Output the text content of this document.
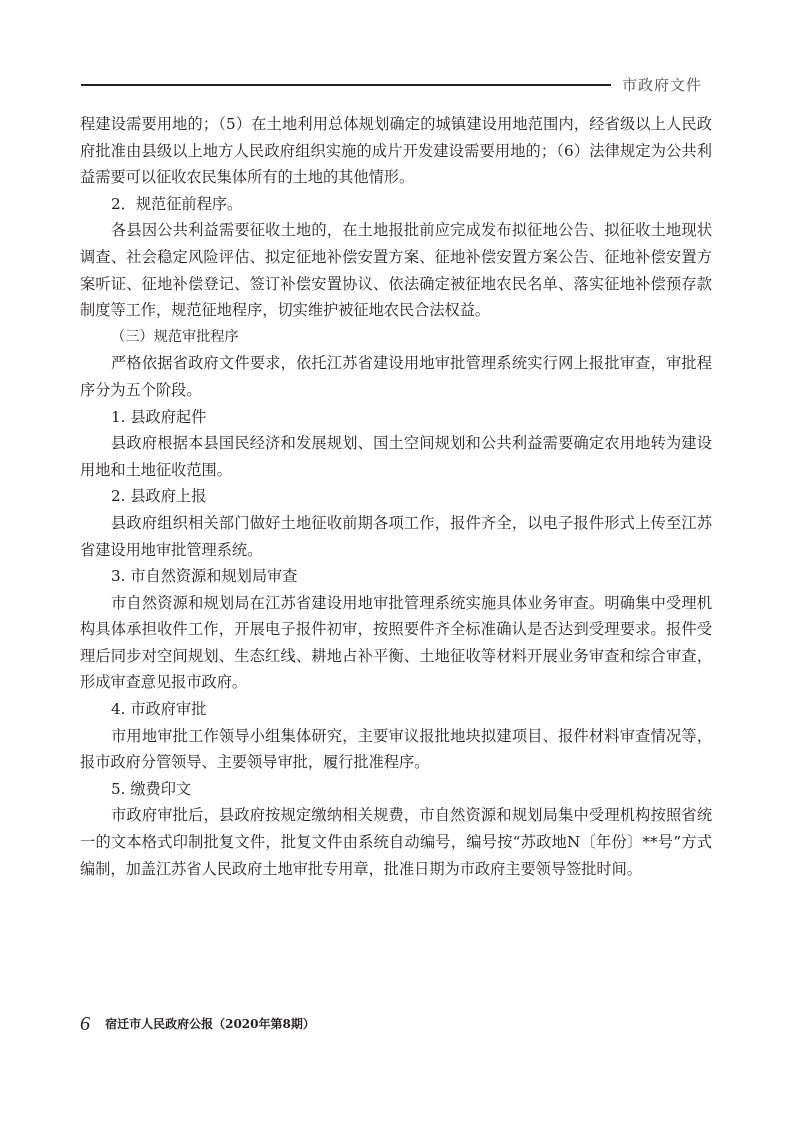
市政府文件

程建设需要用地的；（5）在土地利用总体规划确定的城镇建设用地范围内，经省级以上人民政府批准由县级以上地方人民政府组织实施的成片开发建设需要用地的；（6）法律规定为公共利益需要可以征收农民集体所有的土地的其他情形。

2．规范征前程序。

各县因公共利益需要征收土地的，在土地报批前应完成发布拟征地公告、拟征收土地现状调查、社会稳定风险评估、拟定征地补偿安置方案、征地补偿安置方案公告、征地补偿安置方案听证、征地补偿登记、签订补偿安置协议、依法确定被征地农民名单、落实征地补偿预存款制度等工作，规范征地程序，切实维护被征地农民合法权益。

（三）规范审批程序

严格依据省政府文件要求，依托江苏省建设用地审批管理系统实行网上报批审查，审批程序分为五个阶段。

1. 县政府起件

县政府根据本县国民经济和发展规划、国土空间规划和公共利益需要确定农用地转为建设用地和土地征收范围。

2. 县政府上报

县政府组织相关部门做好土地征收前期各项工作，报件齐全，以电子报件形式上传至江苏省建设用地审批管理系统。

3. 市自然资源和规划局审查

市自然资源和规划局在江苏省建设用地审批管理系统实施具体业务审查。明确集中受理机构具体承担收件工作，开展电子报件初审，按照要件齐全标准确认是否达到受理要求。报件受理后同步对空间规划、生态红线、耕地占补平衡、土地征收等材料开展业务审查和综合审查，形成审查意见报市政府。

4. 市政府审批

市用地审批工作领导小组集体研究，主要审议报批地块拟建项目、报件材料审查情况等，报市政府分管领导、主要领导审批，履行批准程序。

5. 缴费印文

市政府审批后，县政府按规定缴纳相关规费，市自然资源和规划局集中受理机构按照省统一的文本格式印制批复文件，批复文件由系统自动编号，编号按“苏政地N〔年份〕**号”方式编制，加盖江苏省人民政府土地审批专用章，批准日期为市政府主要领导签批时间。

6 宿迁市人民政府公报（2020年第8期）
